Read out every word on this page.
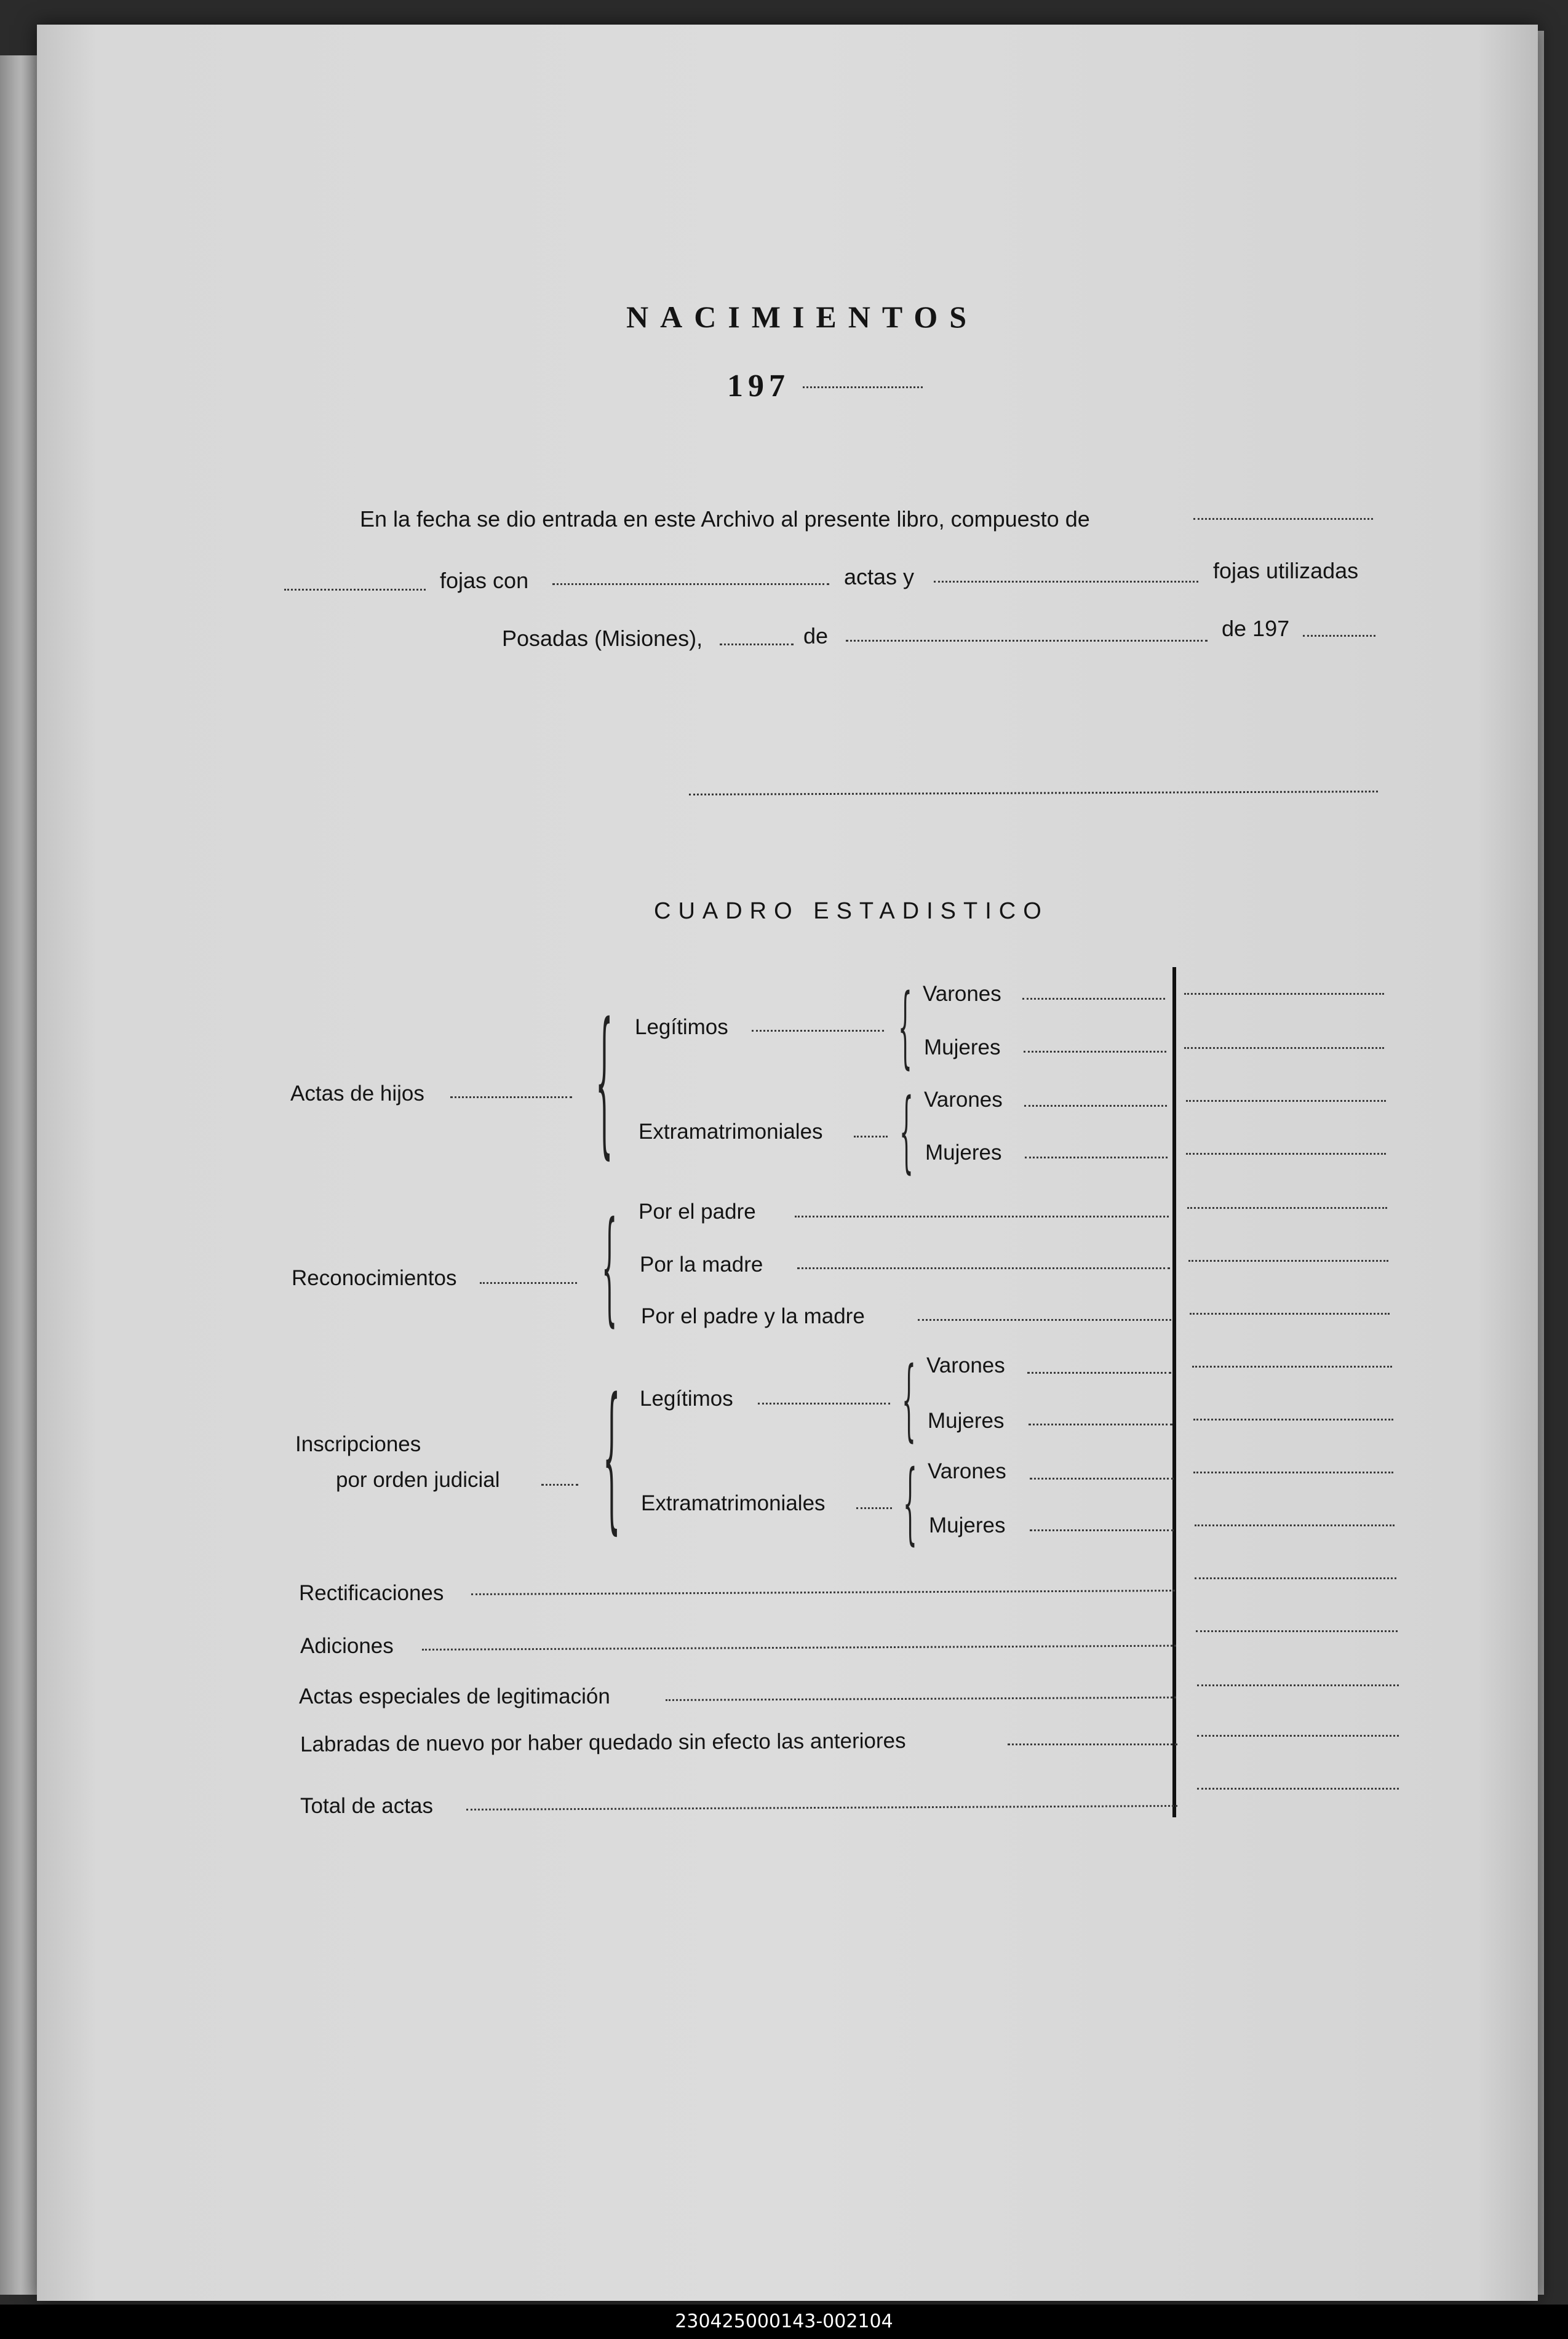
NACIMIENTOS
197
En la fecha se dio entrada en este Archivo al presente libro, compuesto de
fojas con	actas y	fojas utilizadas
Posadas (Misiones),	de	de 197
CUADRO ESTADISTICO
Actas de hijos { Legítimos	{ Varones
Mujeres
Extramatrimoniales { Varones
Mujeres
Reconocimientos { Por el padre
Por la madre
Por el padre y la madre
Inscripciones
por orden judicial { Legítimos	{ Varones
Mujeres
Extramatrimoniales { Varones
Mujeres
Rectificaciones
Adiciones
Actas especiales de legitimación
Labradas de nuevo por haber quedado sin efecto las anteriores
Total de actas
230425000143-002104
